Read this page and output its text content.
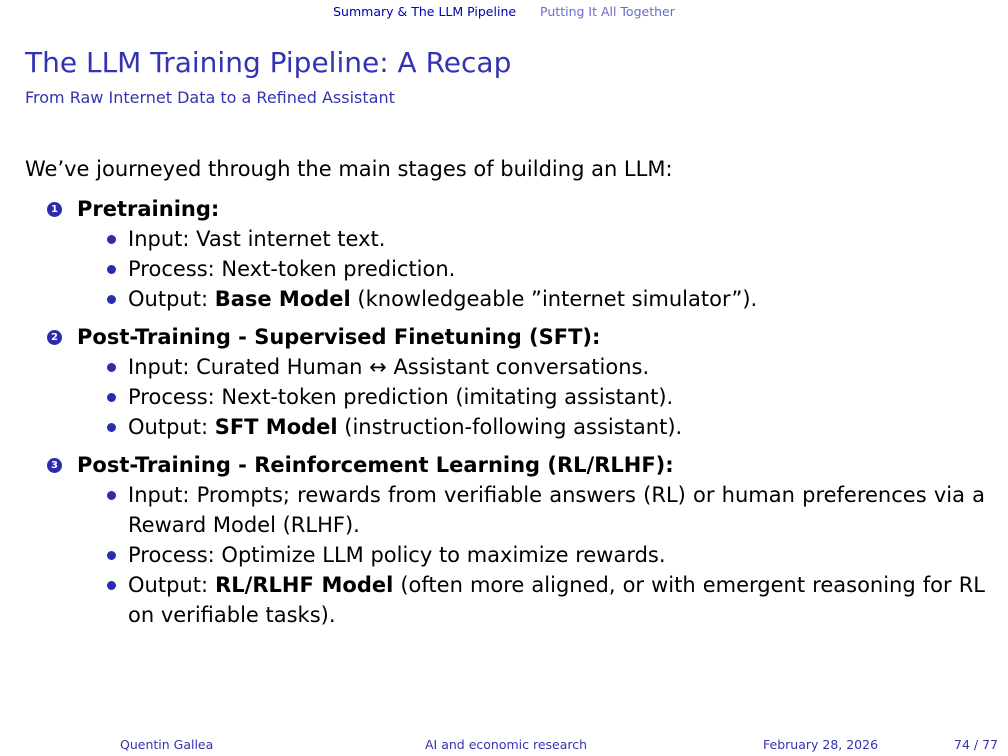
Summary & The LLM Pipeline Putting It All Together
The LLM Training Pipeline: A Recap
From Raw Internet Data to a Refined Assistant
We’ve journeyed through the main stages of building an LLM:
1 Pretraining:
Input: Vast internet text.
Process: Next-token prediction.
Output: Base Model (knowledgeable ”internet simulator”).
2 Post-Training - Supervised Finetuning (SFT):
Input: Curated Human ↔ Assistant conversations.
Process: Next-token prediction (imitating assistant).
Output: SFT Model (instruction-following assistant).
3 Post-Training - Reinforcement Learning (RL/RLHF):
Input: Prompts; rewards from verifiable answers (RL) or human preferences via a Reward Model (RLHF).
Process: Optimize LLM policy to maximize rewards.
Output: RL/RLHF Model (often more aligned, or with emergent reasoning for RL on verifiable tasks).
Quentin Gallea	AI and economic research	February 28, 2026	74 / 77
